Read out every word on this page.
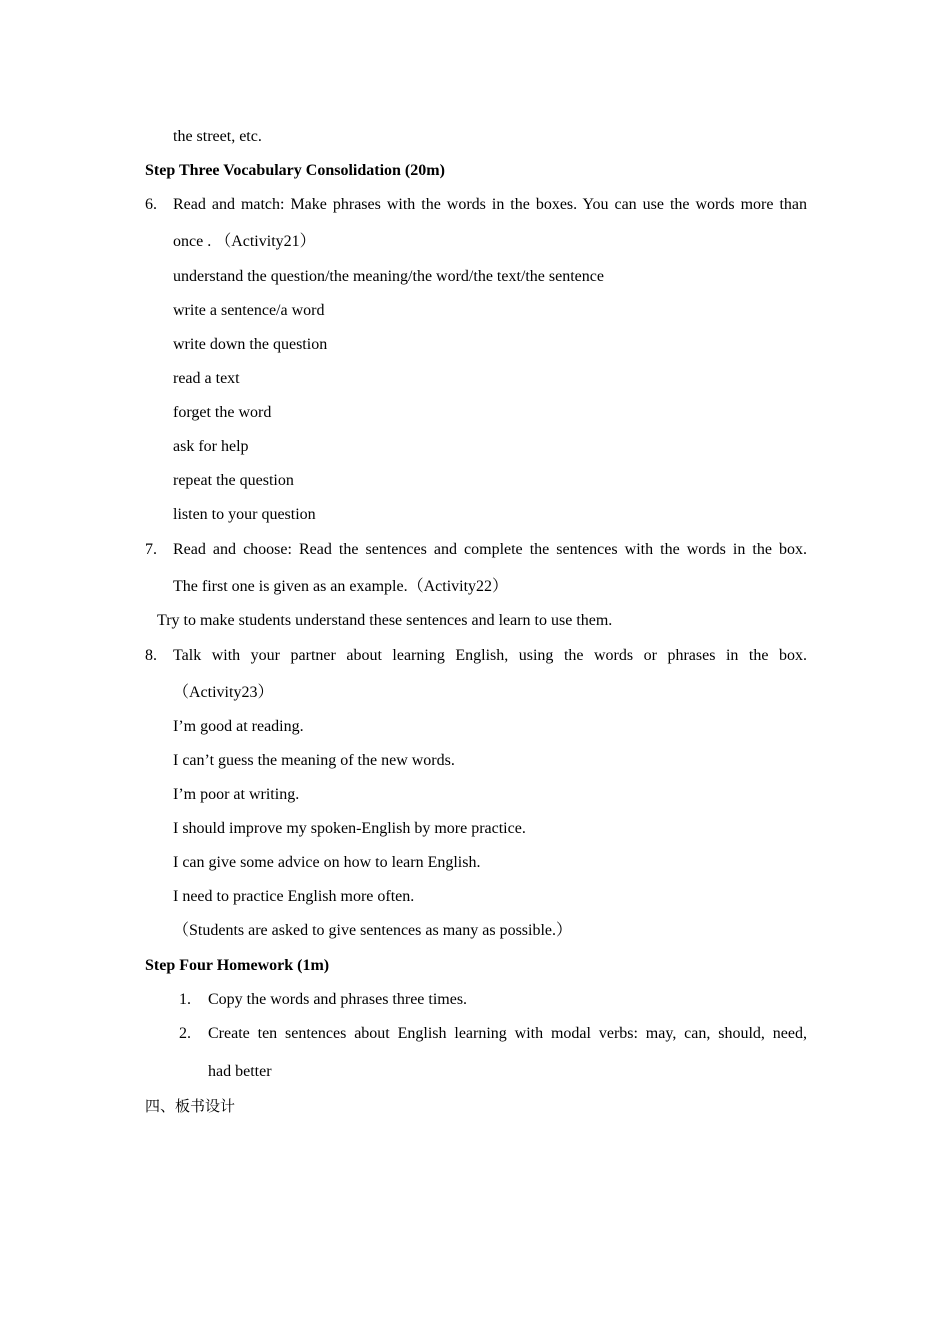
the street, etc.
Step Three Vocabulary Consolidation (20m)
6. Read and match: Make phrases with the words in the boxes. You can use the words more than
once . （Activity21）
understand the question/the meaning/the word/the text/the sentence
write a sentence/a word
write down the question
read a text
forget the word
ask for help
repeat the question
listen to your question
7. Read and choose: Read the sentences and complete the sentences with the words in the box.
The first one is given as an example.（Activity22）
Try to make students understand these sentences and learn to use them.
8. Talk with your partner about learning English, using the words or phrases in the box.
（Activity23）
I’m good at reading.
I can’t guess the meaning of the new words.
I’m poor at writing.
I should improve my spoken-English by more practice.
I can give some advice on how to learn English.
I need to practice English more often.
（Students are asked to give sentences as many as possible.）
Step Four Homework (1m)
1. Copy the words and phrases three times.
2. Create ten sentences about English learning with modal verbs: may, can, should, need,
had better
四、板书设计
